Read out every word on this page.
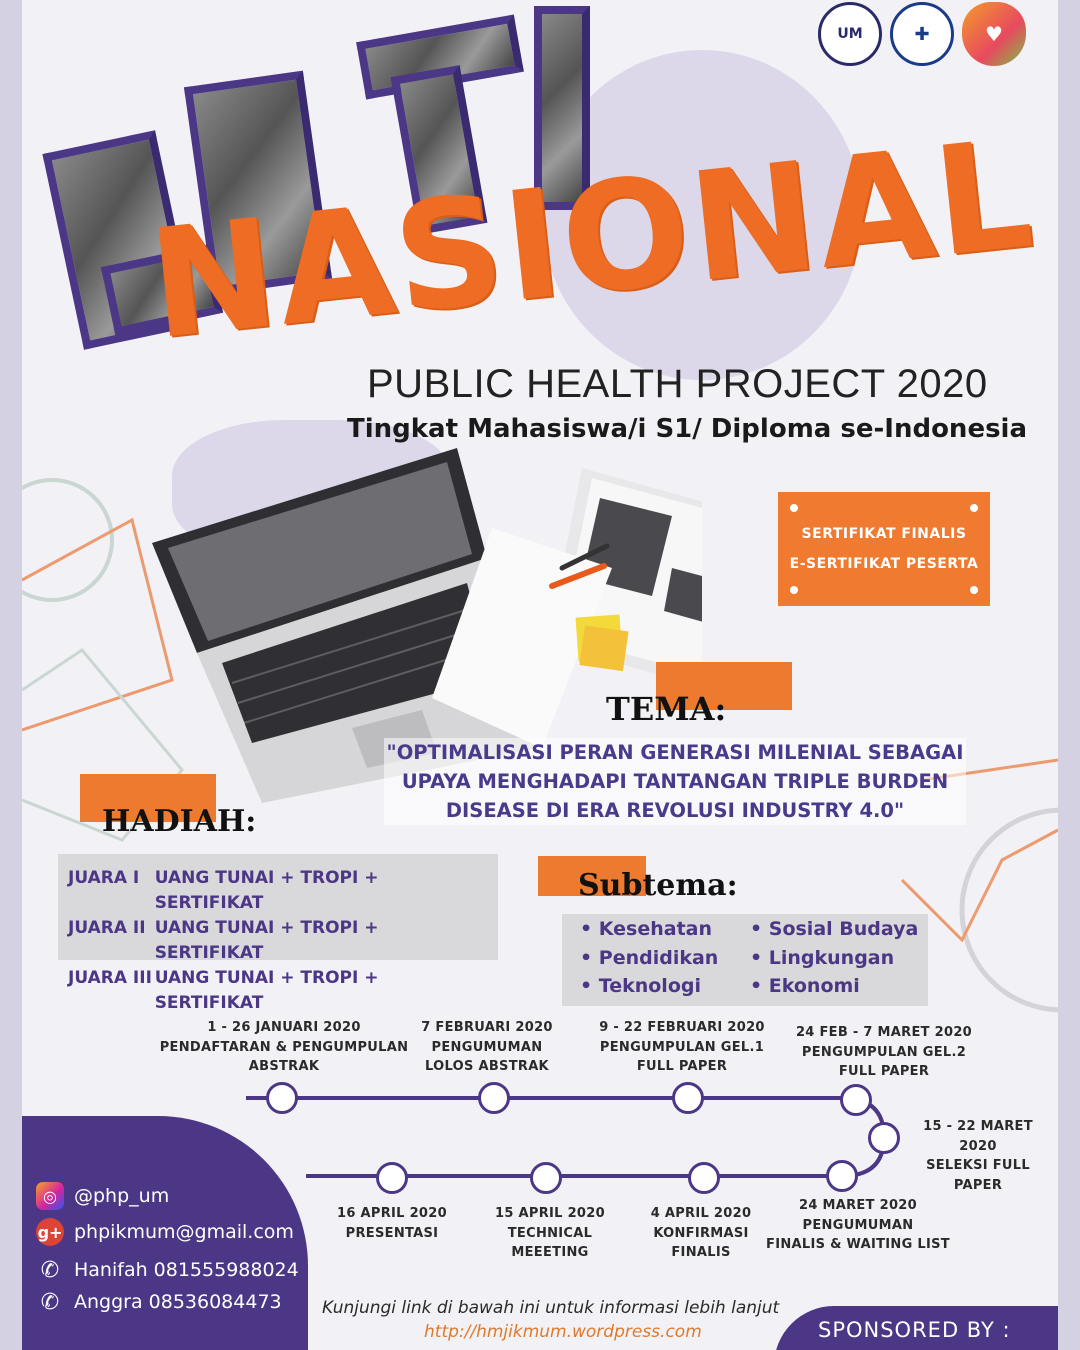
UM	✚	♥
NASIONAL
PUBLIC HEALTH PROJECT 2020
Tingkat Mahasiswa/i S1/ Diploma se-Indonesia
SERTIFIKAT FINALIS
E-SERTIFIKAT PESERTA
TEMA:
"OPTIMALISASI PERAN GENERASI MILENIAL SEBAGAI UPAYA MENGHADAPI TANTANGAN TRIPLE BURDEN DISEASE DI ERA REVOLUSI INDUSTRY 4.0"
HADIAH:
JUARA I UANG TUNAI + TROPI + SERTIFIKAT
JUARA II UANG TUNAI + TROPI + SERTIFIKAT
JUARA III UANG TUNAI + TROPI + SERTIFIKAT
Subtema:
• Kesehatan	• Sosial Budaya
• Pendidikan	• Lingkungan
• Teknologi	• Ekonomi
1 - 26 JANUARI 2020
PENDAFTARAN & PENGUMPULAN
ABSTRAK
7 FEBRUARI 2020
PENGUMUMAN
LOLOS ABSTRAK
9 - 22 FEBRUARI 2020
PENGUMPULAN GEL.1
FULL PAPER
24 FEB - 7 MARET 2020
PENGUMPULAN GEL.2
FULL PAPER
15 - 22 MARET 2020
SELEKSI FULL
PAPER
24 MARET 2020
PENGUMUMAN
FINALIS & WAITING LIST
4 APRIL 2020
KONFIRMASI
FINALIS
15 APRIL 2020
TECHNICAL
MEEETING
16 APRIL 2020
PRESENTASI
◎ @php_um
g+ phpikmum@gmail.com
✆ Hanifah 081555988024
✆ Anggra 08536084473 Kunjungi link di bawah ini untuk informasi lebih lanjut
http://hmjikmum.wordpress.com	SPONSORED BY :
